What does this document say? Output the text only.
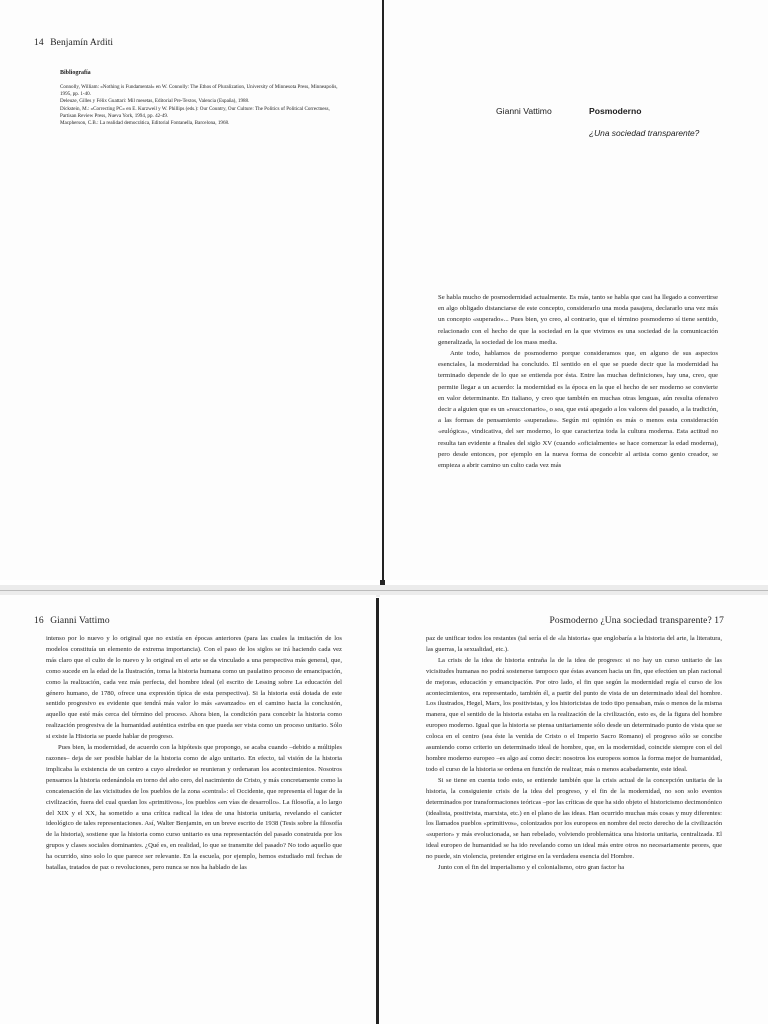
14 Benjamín Arditi
Bibliografía
Connolly, William: «Nothing is Fundamental» en W. Connolly: The Ethos of Pluralization, University of Minnesota Press, Minneapolis, 1995, pp. 1-40.
Deleuze, Gilles y Félix Guattari: Mil mesetas, Editorial Pre-Textos, Valencia (España), 1988.
Dickstein, M.: «Correcting PC» en E. Kurzweil y W. Phillips (eds.): Our Country, Our Culture: The Politics of Political Correctness, Partisan Review Press, Nueva York, 1994, pp. 42-49.
Macpherson, C.B.: La realidad democrática, Editorial Fontanella, Barcelona, 1968.
Gianni Vattimo	Posmoderno
¿Una sociedad transparente?

Se habla mucho de posmodernidad actualmente. Es más, tanto se habla que casi ha llegado a convertirse en algo obligado distanciarse de este concepto, considerarlo una moda pasajera, declararlo una vez más un concepto «superado»... Pues bien, yo creo, al contrario, que el término posmoderno sí tiene sentido, relacionado con el hecho de que la sociedad en la que vivimos es una sociedad de la comunicación generalizada, la sociedad de los mass media.

Ante todo, hablamos de posmoderno porque consideramos que, en alguno de sus aspectos esenciales, la modernidad ha concluido. El sentido en el que se puede decir que la modernidad ha terminado depende de lo que se entienda por ésta. Entre las muchas definiciones, hay una, creo, que permite llegar a un acuerdo: la modernidad es la época en la que el hecho de ser moderno se convierte en valor determinante. En italiano, y creo que también en muchas otras lenguas, aún resulta ofensivo decir a alguien que es un «reaccionario», o sea, que está apegado a los valores del pasado, a la tradición, a las formas de pensamiento «superadas». Según mi opinión es más o menos esta consideración «eulógica», vindicativa, del ser moderno, lo que caracteriza toda la cultura moderna. Esta actitud no resulta tan evidente a finales del siglo XV (cuando «oficialmente» se hace comenzar la edad moderna), pero desde entonces, por ejemplo en la nueva forma de concebir al artista como genio creador, se empieza a abrir camino un culto cada vez más

16 Gianni Vattimo

intenso por lo nuevo y lo original que no existía en épocas anteriores (para las cuales la imitación de los modelos constituía un elemento de extrema importancia). Con el paso de los siglos se irá haciendo cada vez más claro que el culto de lo nuevo y lo original en el arte se da vinculado a una perspectiva más general, que, como sucede en la edad de la Ilustración, toma la historia humana como un paulatino proceso de emancipación, como la realización, cada vez más perfecta, del hombre ideal (el escrito de Lessing sobre La educación del género humano, de 1780, ofrece una expresión típica de esta perspectiva). Si la historia está dotada de este sentido progresivo es evidente que tendrá más valor lo más «avanzado» en el camino hacia la conclusión, aquello que esté más cerca del término del proceso. Ahora bien, la condición para concebir la historia como realización progresiva de la humanidad auténtica estriba en que pueda ser vista como un proceso unitario. Sólo si existe la Historia se puede hablar de progreso.

Pues bien, la modernidad, de acuerdo con la hipótesis que propongo, se acaba cuando –debido a múltiples razones– deja de ser posible hablar de la historia como de algo unitario. En efecto, tal visión de la historia implicaba la existencia de un centro a cuyo alrededor se reunieran y ordenaran los acontecimientos. Nosotros pensamos la historia ordenándola en torno del año cero, del nacimiento de Cristo, y más concretamente como la concatenación de las vicisitudes de los pueblos de la zona «central»: el Occidente, que representa el lugar de la civilización, fuera del cual quedan los «primitivos», los pueblos «en vías de desarrollo». La filosofía, a lo largo del XIX y el XX, ha sometido a una crítica radical la idea de una historia unitaria, revelando el carácter ideológico de tales representaciones. Así, Walter Benjamin, en un breve escrito de 1938 (Tesis sobre la filosofía de la historia), sostiene que la historia como curso unitario es una representación del pasado construida por los grupos y clases sociales dominantes. ¿Qué es, en realidad, lo que se transmite del pasado? No todo aquello que ha ocurrido, sino solo lo que parece ser relevante. En la escuela, por ejemplo, hemos estudiado mil fechas de batallas, tratados de paz o revoluciones, pero nunca se nos ha hablado de las

Posmoderno ¿Una sociedad transparente? 17

paz de unificar todos los restantes (tal sería el de «la historia» que englobaría a la historia del arte, la literatura, las guerras, la sexualidad, etc.).

La crisis de la idea de historia entraña la de la idea de progreso: si no hay un curso unitario de las vicisitudes humanas no podrá sostenerse tampoco que éstas avancen hacia un fin, que efectúen un plan racional de mejoras, educación y emancipación. Por otro lado, el fin que según la modernidad regía el curso de los acontecimientos, era representado, también él, a partir del punto de vista de un determinado ideal del hombre. Los ilustrados, Hegel, Marx, los positivistas, y los historicistas de todo tipo pensaban, más o menos de la misma manera, que el sentido de la historia estaba en la realización de la civilización, esto es, de la figura del hombre europeo moderno. Igual que la historia se piensa unitariamente sólo desde un determinado punto de vista que se coloca en el centro (sea éste la venida de Cristo o el Imperio Sacro Romano) el progreso sólo se concibe asumiendo como criterio un determinado ideal de hombre, que, en la modernidad, coincide siempre con el del hombre moderno europeo –es algo así como decir: nosotros los europeos somos la forma mejor de humanidad, todo el curso de la historia se ordena en función de realizar, más o menos acabadamente, este ideal.

Si se tiene en cuenta todo esto, se entiende también que la crisis actual de la concepción unitaria de la historia, la consiguiente crisis de la idea del progreso, y el fin de la modernidad, no son solo eventos determinados por transformaciones teóricas –por las críticas de que ha sido objeto el historicismo decimonónico (idealista, positivista, marxista, etc.) en el plano de las ideas. Han ocurrido muchas más cosas y muy diferentes: los llamados pueblos «primitivos», colonizados por los europeos en nombre del recto derecho de la civilización «superior» y más evolucionada, se han rebelado, volviendo problemática una historia unitaria, centralizada. El ideal europeo de humanidad se ha ido revelando como un ideal más entre otros no necesariamente peores, que no puede, sin violencia, pretender erigirse en la verdadera esencia del Hombre.

Junto con el fin del imperialismo y el colonialismo, otro gran factor ha
